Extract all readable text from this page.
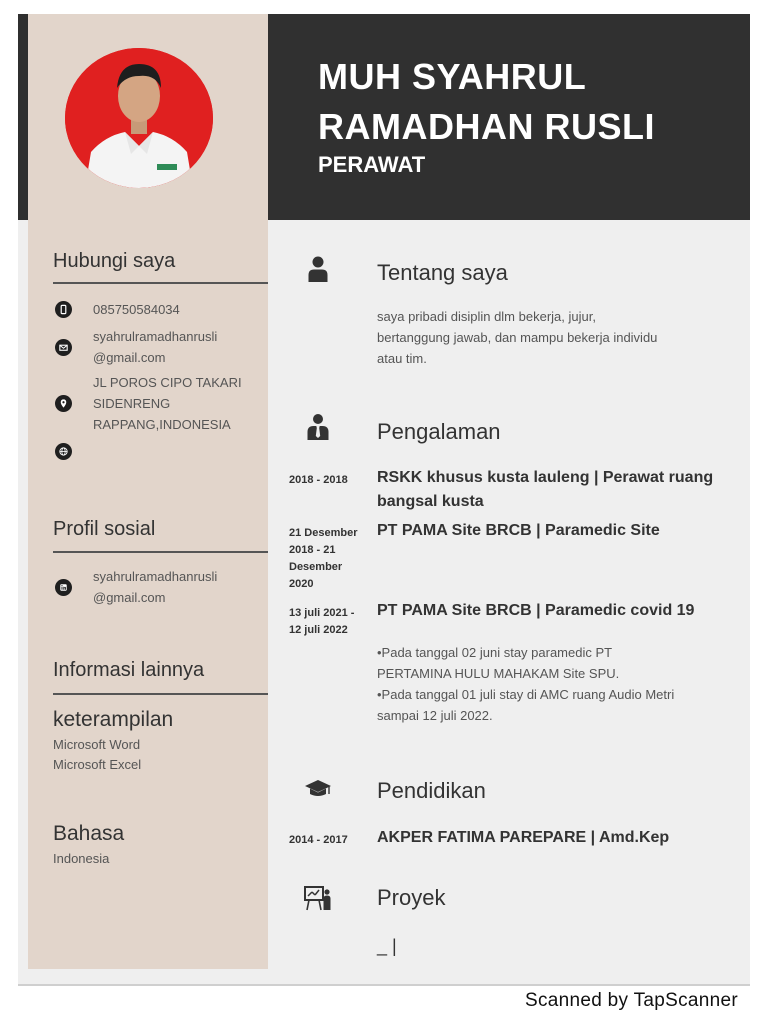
Hubungi saya
085750584034
syahrulramadhanrusli
@gmail.com
JL POROS CIPO TAKARI
SIDENRENG
RAPPANG,INDONESIA
Profil sosial
syahrulramadhanrusli
@gmail.com
Informasi lainnya
keterampilan
Microsoft Word
Microsoft Excel
Bahasa
Indonesia
MUH SYAHRUL
RAMADHAN RUSLI
PERAWAT
Tentang saya
saya pribadi disiplin dlm bekerja, jujur,
bertanggung jawab, dan mampu bekerja individu
atau tim.
Pengalaman
2018 - 2018	RSKK khusus kusta lauleng | Perawat ruang
bangsal kusta
21 Desember
2018 - 21
Desember
2020
PT PAMA Site BRCB | Paramedic Site
13 juli 2021 -
12 juli 2022
PT PAMA Site BRCB | Paramedic covid 19
•Pada tanggal 02 juni stay paramedic PT
PERTAMINA HULU MAHAKAM Site SPU.
•Pada tanggal 01 juli stay di AMC ruang Audio Metri
sampai 12 juli 2022.
Pendidikan
2014 - 2017	AKPER FATIMA PAREPARE | Amd.Kep
Proyek
_ |
Scanned by TapScanner
